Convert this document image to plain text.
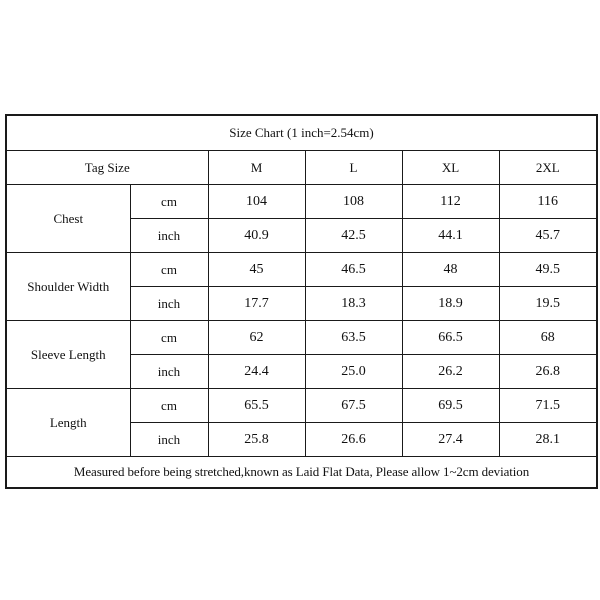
Size Chart (1 inch=2.54cm)					
Tag Size		M	L	XL	2XL
Chest	cm	104	108	112	116
	inch	40.9	42.5	44.1	45.7
Shoulder Width	cm	45	46.5	48	49.5
	inch	17.7	18.3	18.9	19.5
Sleeve Length	cm	62	63.5	66.5	68
	inch	24.4	25.0	26.2	26.8
Length	cm	65.5	67.5	69.5	71.5
	inch	25.8	26.6	27.4	28.1
Measured before being stretched,known as Laid Flat Data, Please allow 1~2cm deviation					
